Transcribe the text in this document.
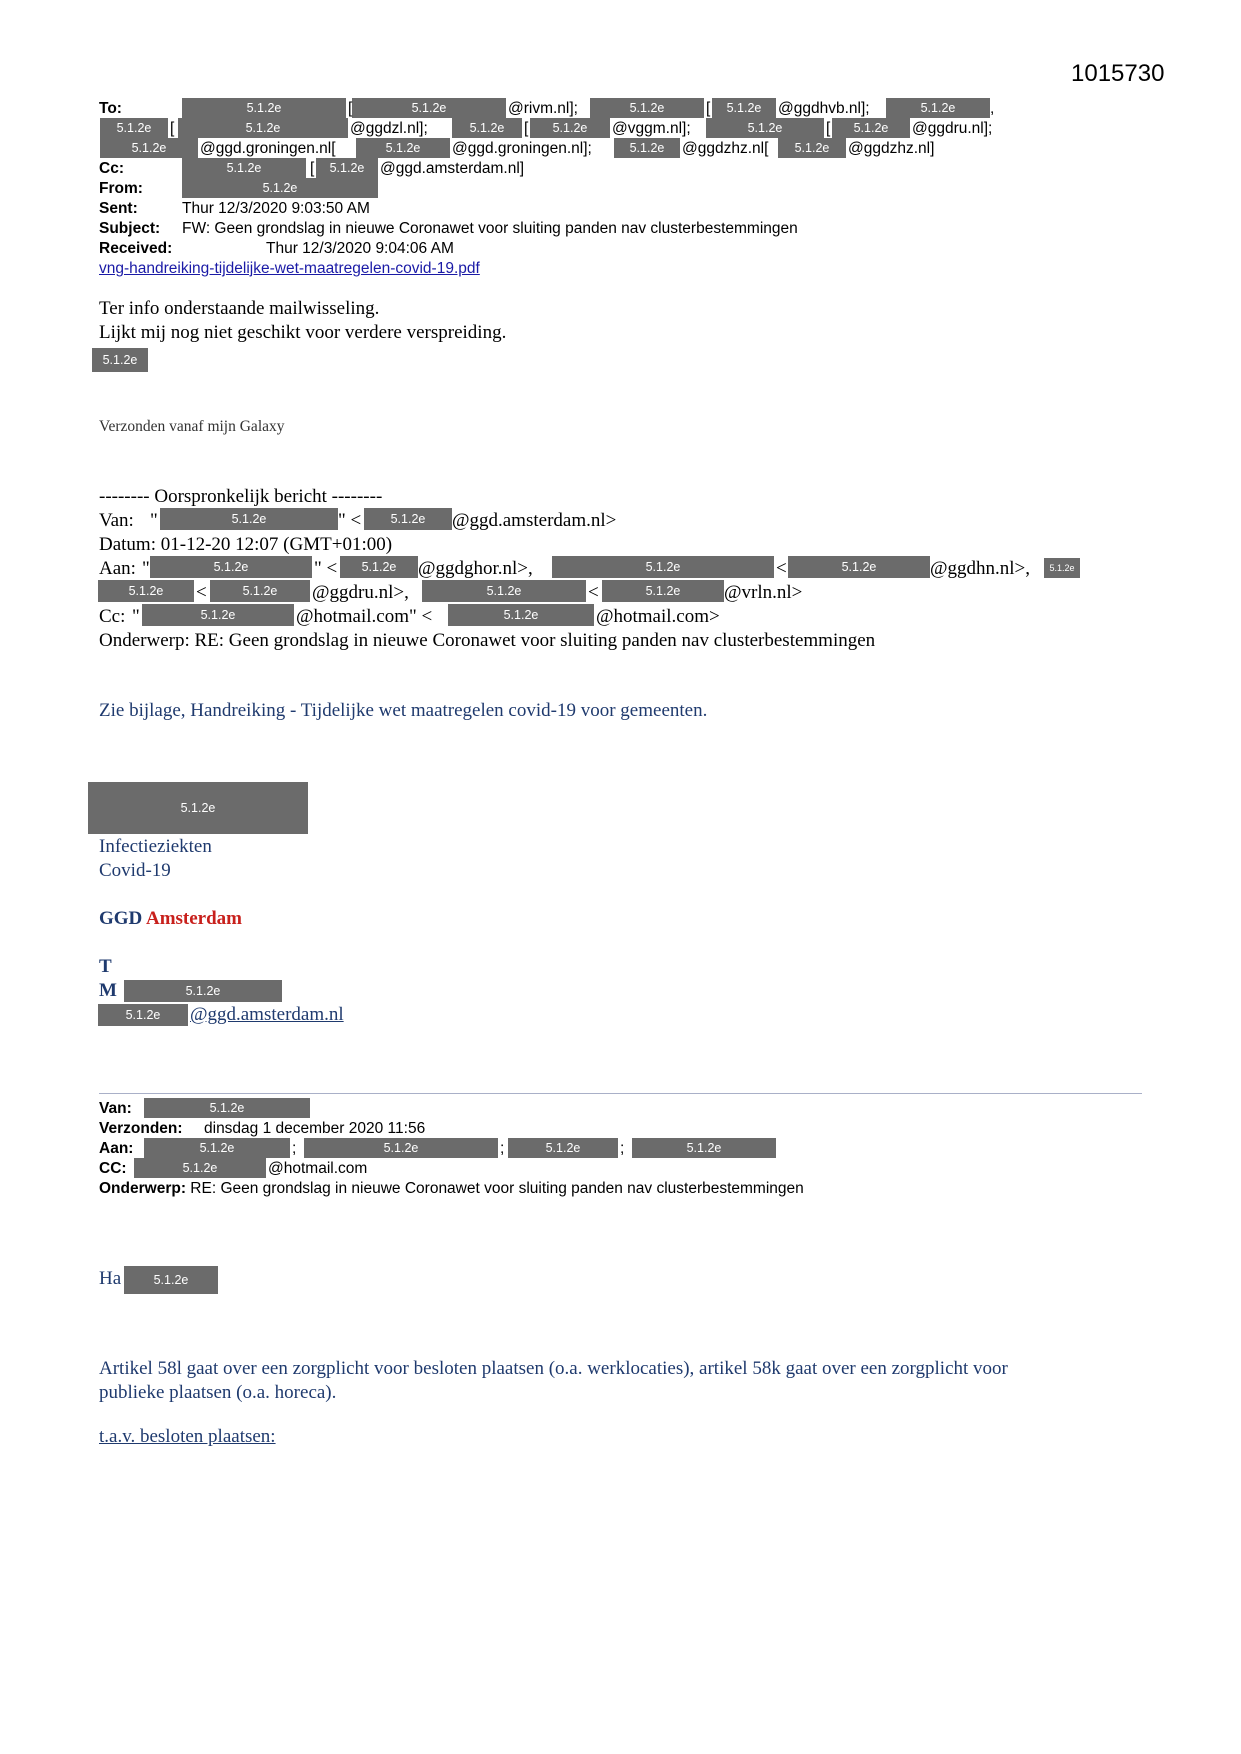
1015730
To:	5.1.2e	5.1.2e	5.1.2e	5.1.2e	5.1.2e
[	@rivm.nl];	[	@ggdhvb.nl];	,
5.1.2e	5.1.2e	5.1.2e	5.1.2e	5.1.2e	5.1.2e
[	@ggdzl.nl];	[	@vggm.nl];	[	@ggdru.nl];
5.1.2e	5.1.2e	5.1.2e	5.1.2e
@ggd.groningen.nl[	@ggd.groningen.nl];	@ggdzhz.nl[	@ggdzhz.nl]
Cc:	5.1.2e	5.1.2e
[	@ggd.amsterdam.nl]
From:	5.1.2e
Sent:	Thur 12/3/2020 9:03:50 AM
Subject: FW: Geen grondslag in nieuwe Coronawet voor sluiting panden nav clusterbestemmingen
Received:	Thur 12/3/2020 9:04:06 AM
vng-handreiking-tijdelijke-wet-maatregelen-covid-19.pdf
Ter info onderstaande mailwisseling.
Lijkt mij nog niet geschikt voor verdere verspreiding.
5.1.2e
Verzonden vanaf mijn Galaxy
-------- Oorspronkelijk bericht --------
Van:	5.1.2e	5.1.2e
"	" <	@ggd.amsterdam.nl>
Datum: 01-12-20 12:07 (GMT+01:00)
Aan:	5.1.2e	5.1.2e	5.1.2e	5.1.2e	5.1.2e
"	" <	@ggdghor.nl>,	<	@ggdhn.nl>,
5.1.2e	5.1.2e	5.1.2e	5.1.2e
<	@ggdru.nl>,	<	@vrln.nl>
Cc:	5.1.2e	5.1.2e
"	@hotmail.com" <	@hotmail.com>
Onderwerp: RE: Geen grondslag in nieuwe Coronawet voor sluiting panden nav clusterbestemmingen
Zie bijlage, Handreiking - Tijdelijke wet maatregelen covid-19 voor gemeenten.
5.1.2e
Infectieziekten
Covid-19
GGD Amsterdam
T
M	5.1.2e
5.1.2e @ggd.amsterdam.nl
Van:	5.1.2e
Verzonden: dinsdag 1 december 2020 11:56
Aan:	5.1.2e	5.1.2e	5.1.2e	5.1.2e
;	;	;
CC:	5.1.2e	@hotmail.com
Onderwerp: RE: Geen grondslag in nieuwe Coronawet voor sluiting panden nav clusterbestemmingen
Ha	5.1.2e
Artikel 58l gaat over een zorgplicht voor besloten plaatsen (o.a. werklocaties), artikel 58k gaat over een zorgplicht voor
publieke plaatsen (o.a. horeca).
t.a.v. besloten plaatsen:
